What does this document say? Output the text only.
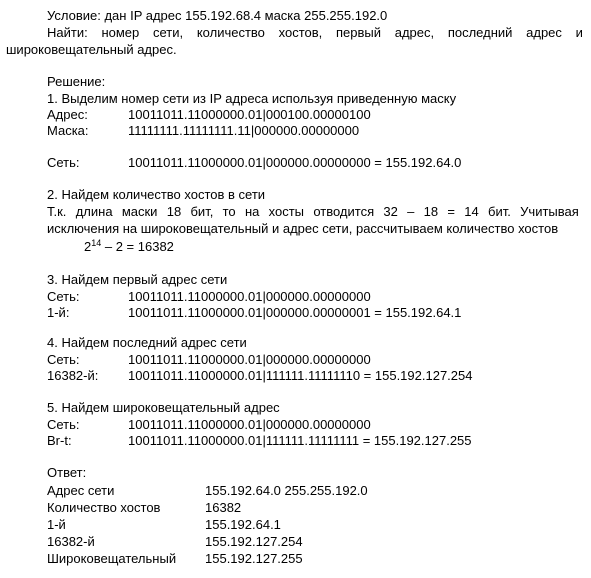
Условие: дан IP адрес 155.192.68.4 маска 255.255.192.0
Найти: номер сети, количество хостов, первый адрес, последний адрес и
широковещательный адрес.
Решение:
1. Выделим номер сети из IP адреса используя приведенную маску
Адрес:	10011011.11000000.01|000100.00000100
Маска:	11111111.11111111.11|000000.00000000
Сеть:	10011011.11000000.01|000000.00000000 = 155.192.64.0
2. Найдем количество хостов в сети
Т.к. длина маски 18 бит, то на хосты отводится 32 – 18 = 14 бит. Учитывая
исключения на широковещательный и адрес сети, рассчитываем количество хостов
$2^{14} - 2 = 16382$
3. Найдем первый адрес сети
Сеть:	10011011.11000000.01|000000.00000000
1-й:	10011011.11000000.01|000000.00000001 = 155.192.64.1
4. Найдем последний адрес сети
Сеть:	10011011.11000000.01|000000.00000000
16382-й: 10011011.11000000.01|111111.11111110 = 155.192.127.254
5. Найдем широковещательный адрес
Сеть:	10011011.11000000.01|000000.00000000
Br-t:	10011011.11000000.01|111111.11111111 = 155.192.127.255
Ответ:
Адрес сети	155.192.64.0 255.255.192.0
Количество хостов	16382
1-й	155.192.64.1
16382-й	155.192.127.254
Широковещательный 155.192.127.255
